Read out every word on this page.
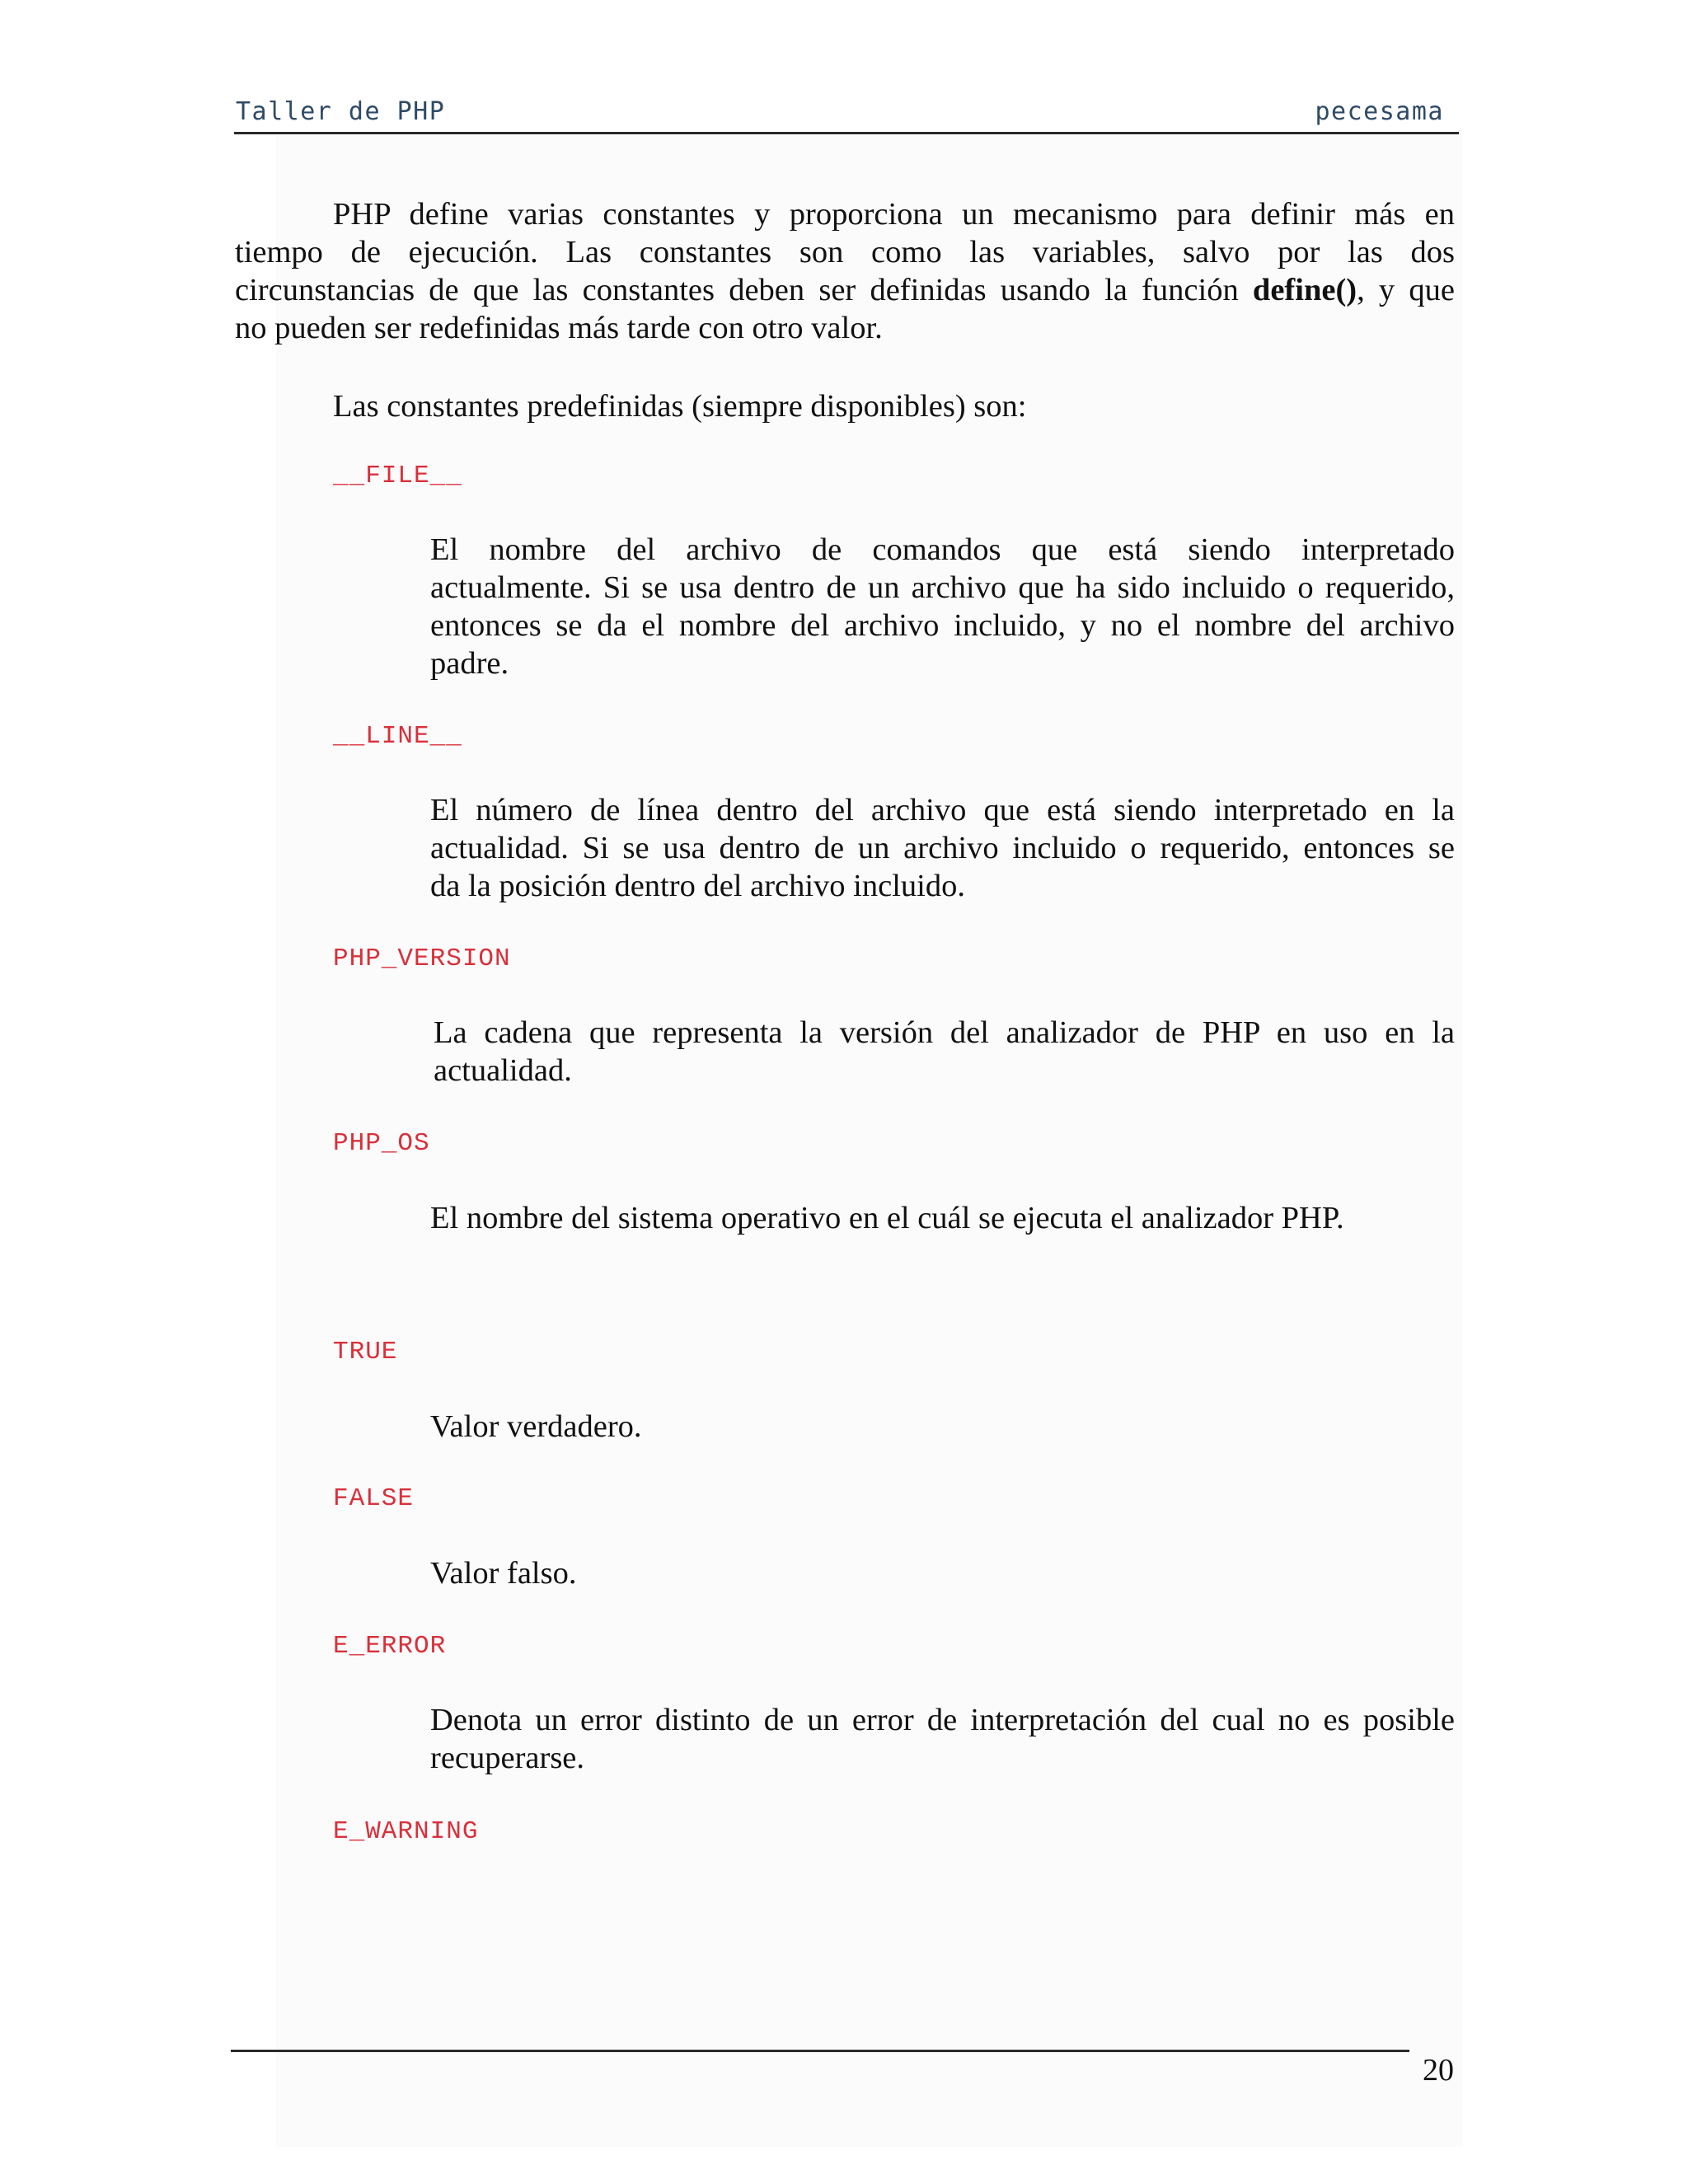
Taller de PHP	pecesama
PHP define varias constantes y proporciona un mecanismo para definir más en
tiempo de ejecución. Las constantes son como las variables, salvo por las dos
circunstancias de que las constantes deben ser definidas usando la función define(), y que
no pueden ser redefinidas más tarde con otro valor.
Las constantes predefinidas (siempre disponibles) son:
__FILE__
El nombre del archivo de comandos que está siendo interpretado
actualmente. Si se usa dentro de un archivo que ha sido incluido o requerido,
entonces se da el nombre del archivo incluido, y no el nombre del archivo
padre.
__LINE__
El número de línea dentro del archivo que está siendo interpretado en la
actualidad. Si se usa dentro de un archivo incluido o requerido, entonces se
da la posición dentro del archivo incluido.
PHP_VERSION
La cadena que representa la versión del analizador de PHP en uso en la
actualidad.
PHP_OS
El nombre del sistema operativo en el cuál se ejecuta el analizador PHP.
TRUE
Valor verdadero.
FALSE
Valor falso.
E_ERROR
Denota un error distinto de un error de interpretación del cual no es posible
recuperarse.
E_WARNING
20
